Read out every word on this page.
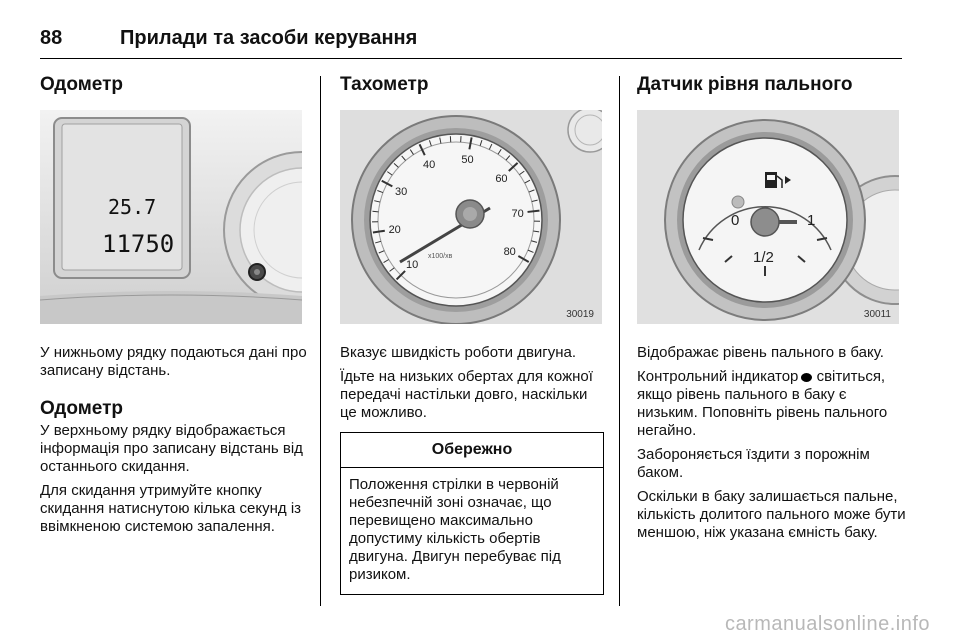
88	Прилади та засоби керування
Одометр
25.7
11750

У нижньому рядку подаються дані про записану відстань.

Одометр

У верхньому рядку відображається інформація про записану відстань від останнього скидання.

Для скидання утримуйте кнопку скидання натиснутою кілька секунд із ввімкненою системою запалення.

Тахометр
10
20
30
40 50
60
70
80
х100/хв
30019

Вказує швидкість роботи двигуна.

Їдьте на низьких обертах для кожної передачі настільки довго, наскільки це можливо.

Обережно
Положення стрілки в червоній небезпечній зоні означає, що перевищено максимально допустиму кількість обертів двигуна. Двигун перебуває під ризиком.
Датчик рівня пального
0	1
1/2
30011

Відображає рівень пального в баку.

Контрольний індикатор світиться, якщо рівень пального в баку є низьким. Поповніть рівень пального негайно.

Забороняється їздити з порожнім баком.

Оскільки в баку залишається пальне, кількість долитого пального може бути меншою, ніж указана ємність баку.

carmanualsonline.info
